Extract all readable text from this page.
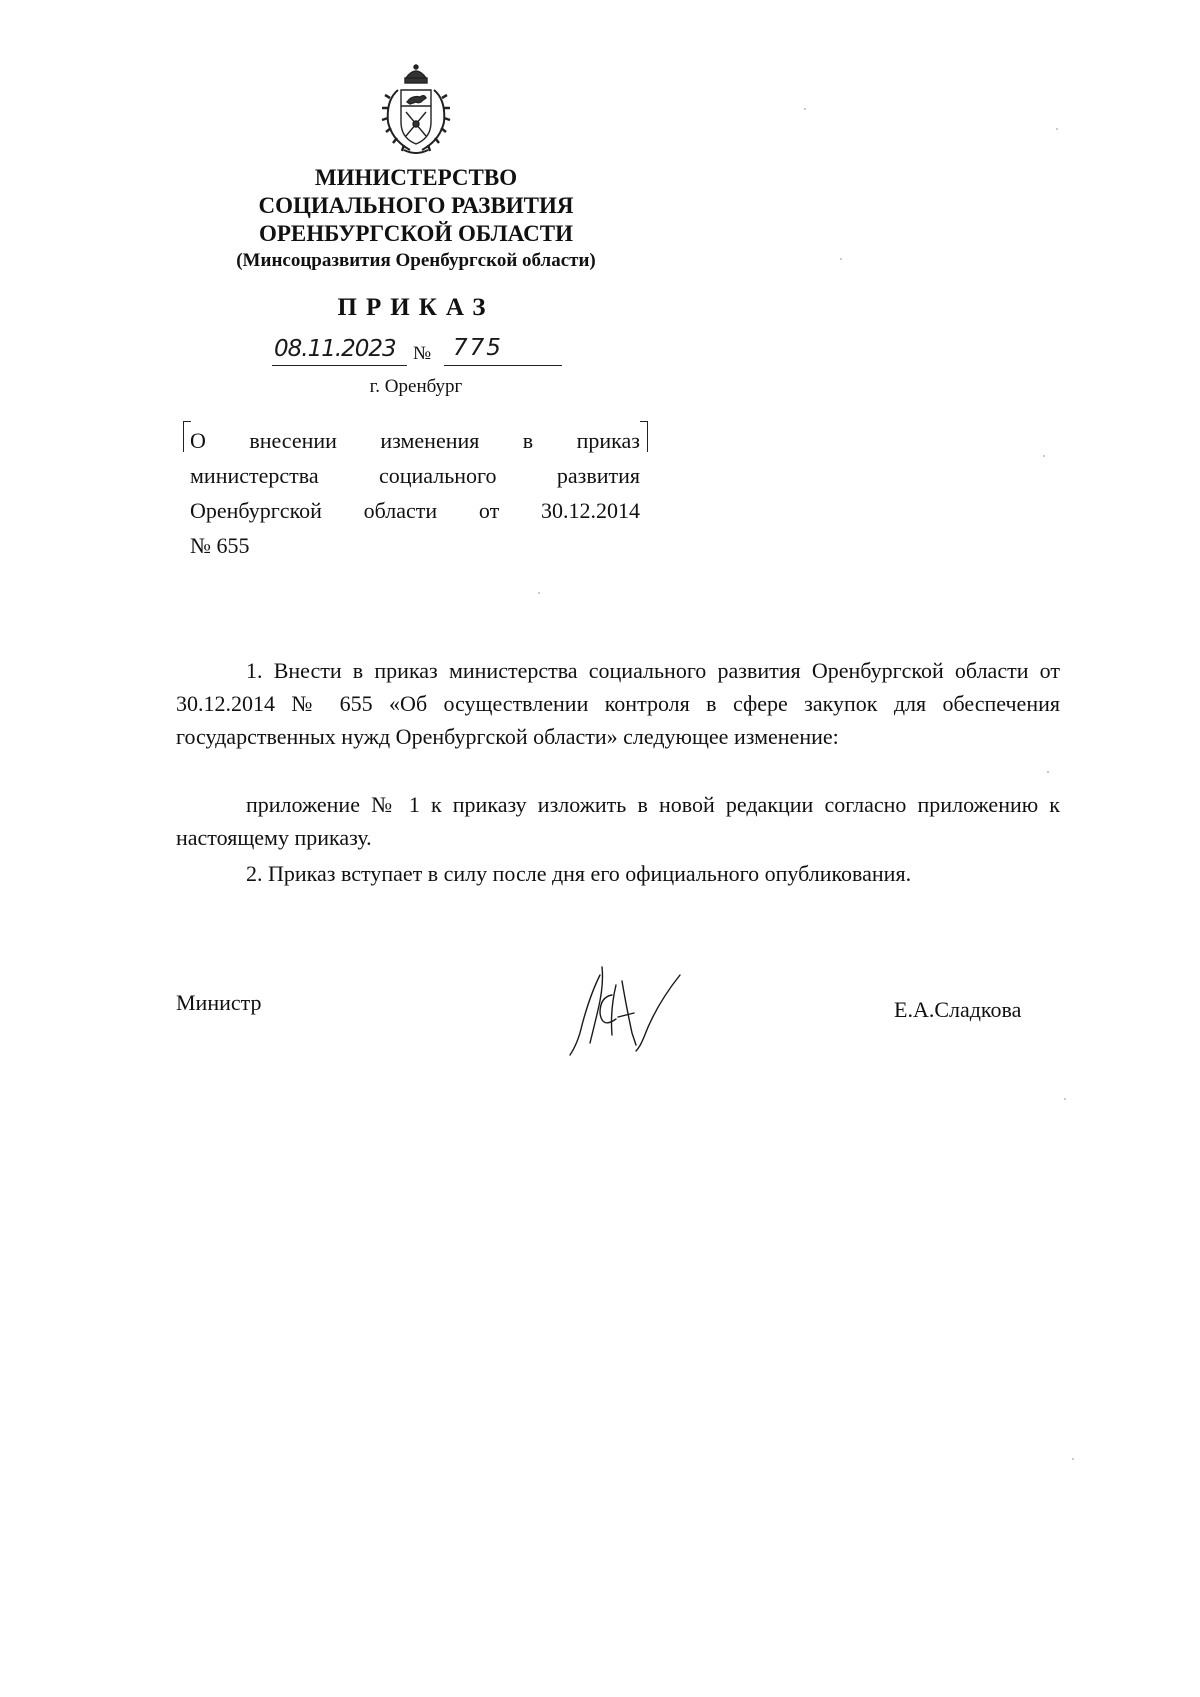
МИНИСТЕРСТВО
СОЦИАЛЬНОГО РАЗВИТИЯ
ОРЕНБУРГСКОЙ ОБЛАСТИ
(Минсоцразвития Оренбургской области)
ПРИКАЗ
08.11.2023 № 775
г. Оренбург
О внесении изменения в приказ
министерства социального развития
Оренбургской области от 30.12.2014
№ 655
1. Внести в приказ министерства социального развития Оренбургской области от 30.12.2014 № 655 «Об осуществлении контроля в сфере закупок для обеспечения государственных нужд Оренбургской области» следующее изменение:
приложение № 1 к приказу изложить в новой редакции согласно приложению к настоящему приказу.
2. Приказ вступает в силу после дня его официального опубликования.
Министр	Е.А.Сладкова
